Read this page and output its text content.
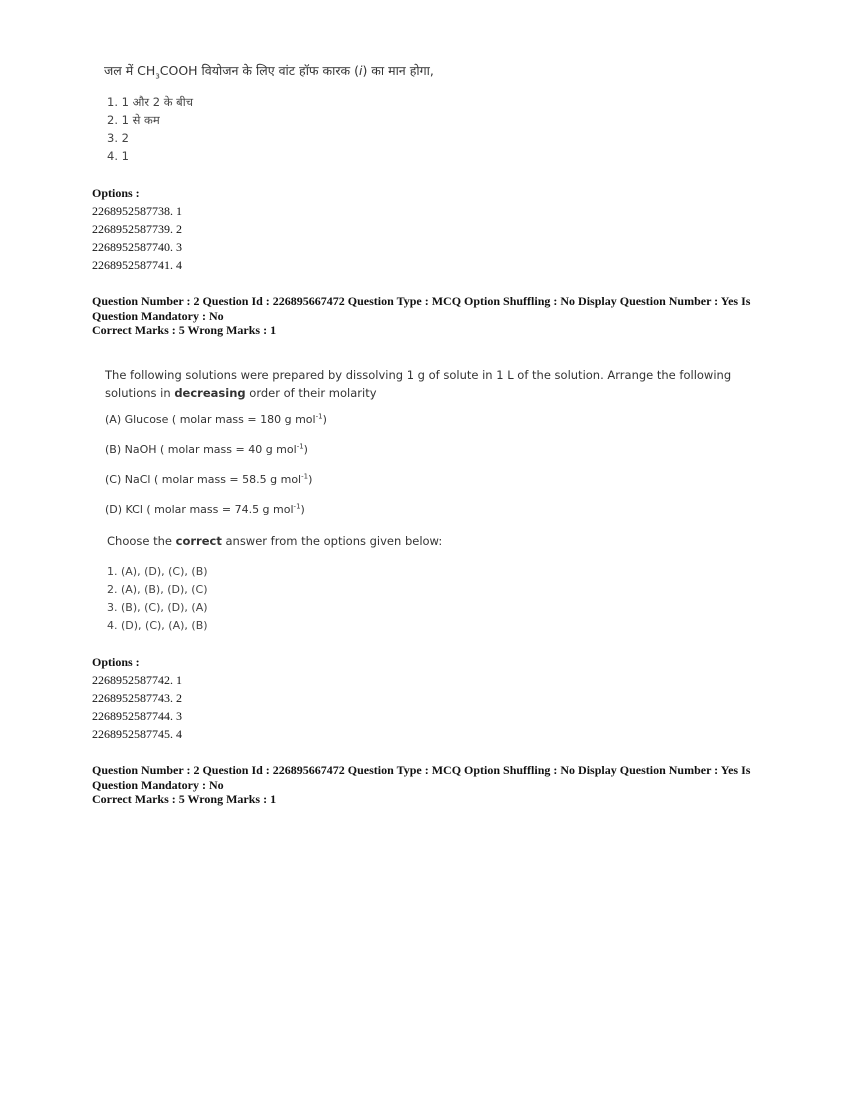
जल में $CH_3COOH$ वियोजन के लिए वांट हॉफ कारक (i) का मान होगा,
1. 1 और 2 के बीच
2. 1 से कम
3. 2
4. 1
Options :
2268952587738. 1
2268952587739. 2
2268952587740. 3
2268952587741. 4
Question Number : 2 Question Id : 226895667472 Question Type : MCQ Option Shuffling : No Display Question Number : Yes Is Question Mandatory : No
Correct Marks : 5 Wrong Marks : 1
The following solutions were prepared by dissolving 1 g of solute in 1 L of the solution. Arrange the following solutions in decreasing order of their molarity
(A) Glucose ( molar mass = 180 g mol$^{-1}$)
(B) NaOH ( molar mass = 40 g mol$^{-1}$)
(C) NaCl ( molar mass = 58.5 g mol$^{-1}$)
(D) KCl ( molar mass = 74.5 g mol$^{-1}$)
Choose the correct answer from the options given below:
1. (A), (D), (C), (B)
2. (A), (B), (D), (C)
3. (B), (C), (D), (A)
4. (D), (C), (A), (B)
Options :
2268952587742. 1
2268952587743. 2
2268952587744. 3
2268952587745. 4
Question Number : 2 Question Id : 226895667472 Question Type : MCQ Option Shuffling : No Display Question Number : Yes Is Question Mandatory : No
Correct Marks : 5 Wrong Marks : 1
